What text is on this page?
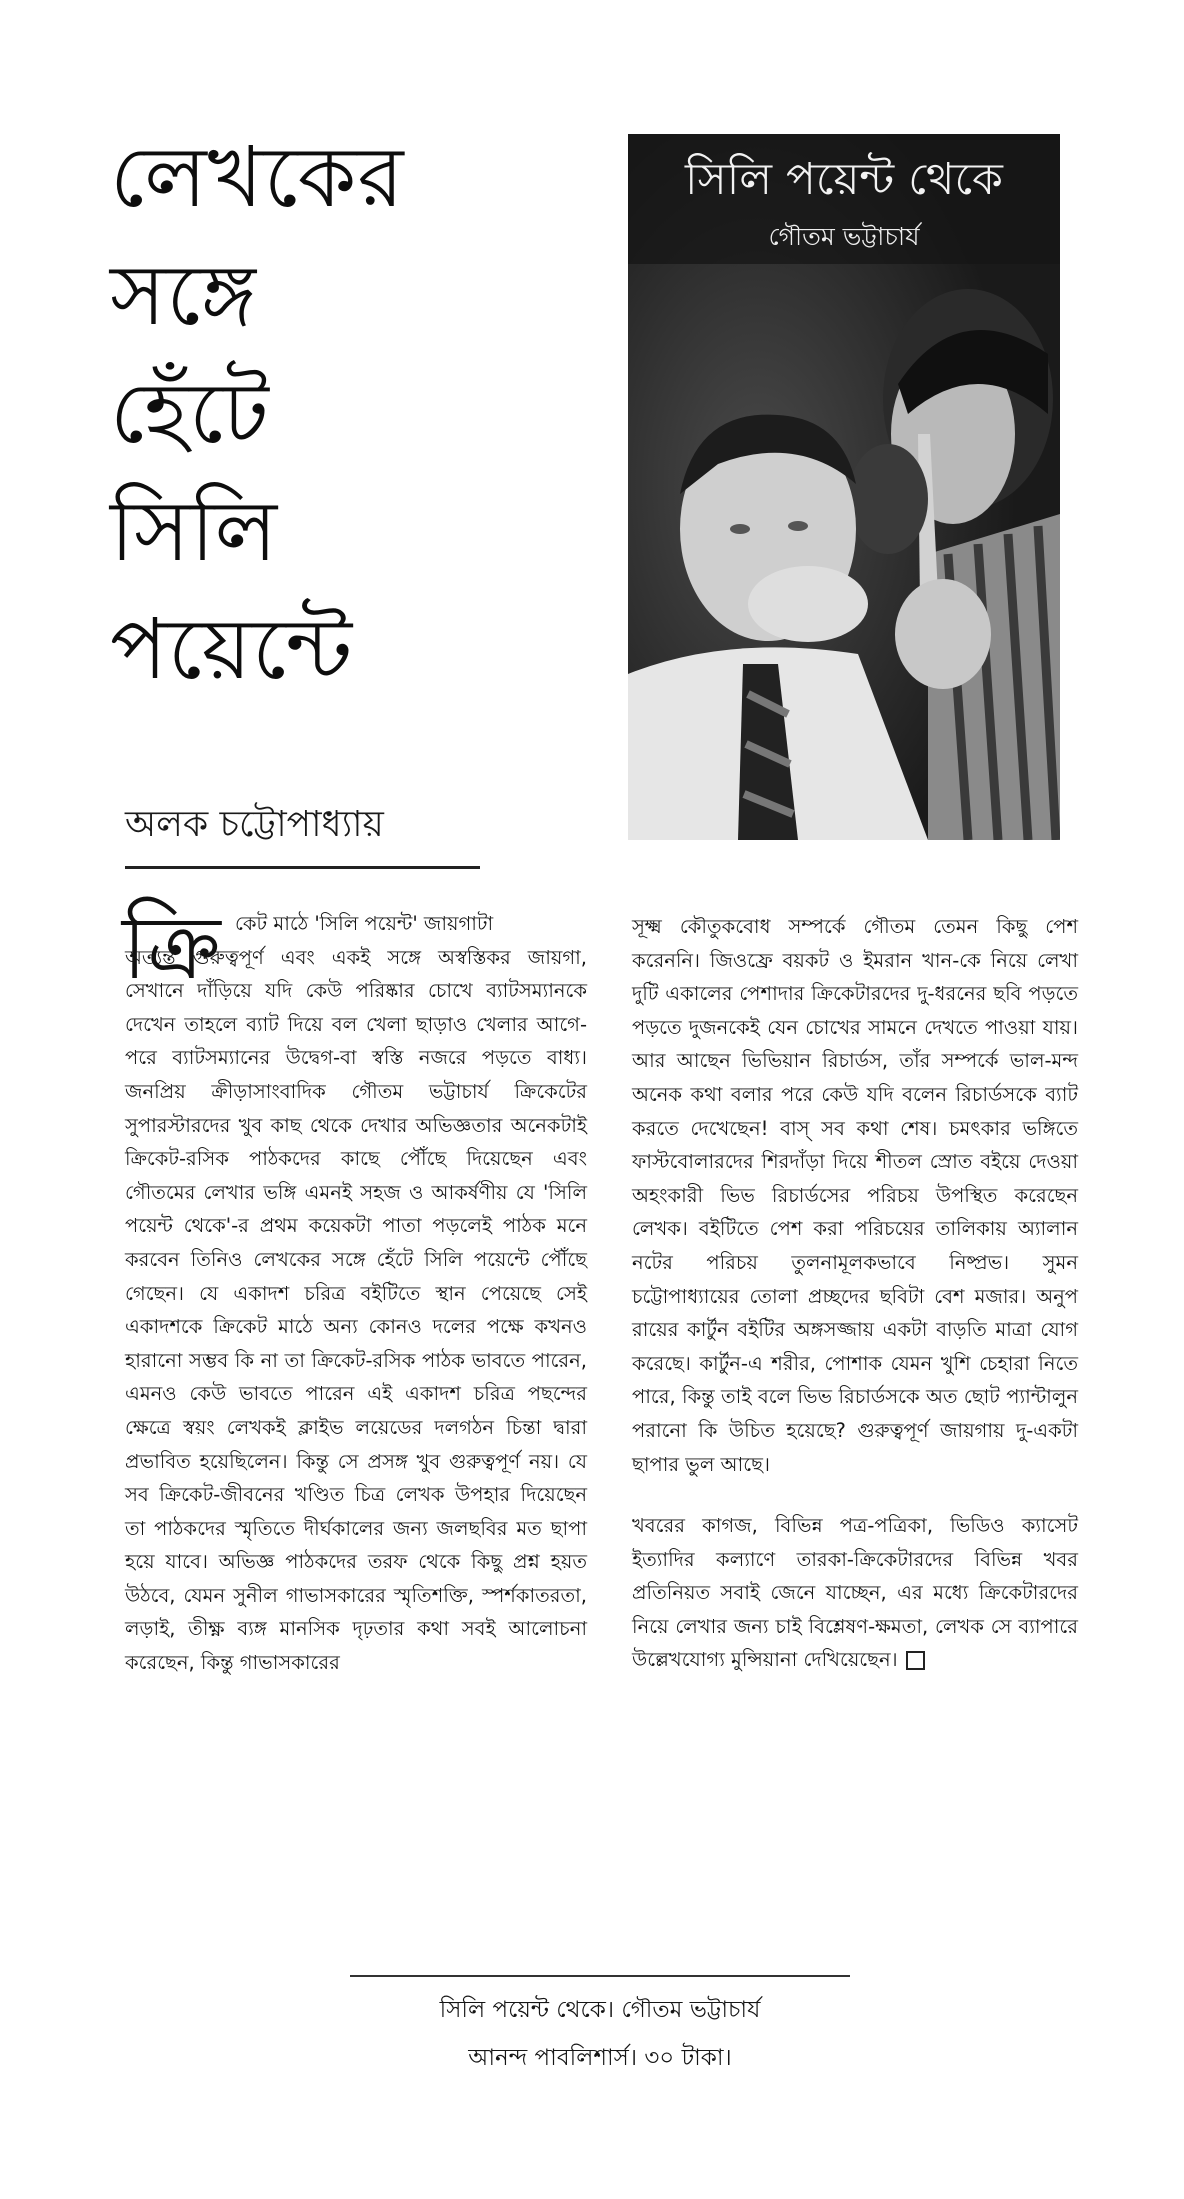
লেখকের
সঙ্গে
হেঁটে
সিলি
পয়েন্টে
অলক চট্টোপাধ্যায়
সিলি পয়েন্ট থেকে
গৌতম ভট্টাচার্য
ক্রি কেট মাঠে 'সিলি পয়েন্ট' জায়গাটা
অত্যন্ত গুরুত্বপূর্ণ এবং একই সঙ্গে অস্বস্তিকর জায়গা, সেখানে দাঁড়িয়ে যদি কেউ পরিষ্কার চোখে ব্যাটসম্যানকে দেখেন তাহলে ব্যাট দিয়ে বল খেলা ছাড়াও খেলার আগে-পরে ব্যাটসম্যানের উদ্বেগ-বা স্বস্তি নজরে পড়তে বাধ্য। জনপ্রিয় ক্রীড়াসাংবাদিক গৌতম ভট্টাচার্য ক্রিকেটের সুপারস্টারদের খুব কাছ থেকে দেখার অভিজ্ঞতার অনেকটাই ক্রিকেট-রসিক পাঠকদের কাছে পৌঁছে দিয়েছেন এবং গৌতমের লেখার ভঙ্গি এমনই সহজ ও আকর্ষণীয় যে 'সিলি পয়েন্ট থেকে'-র প্রথম কয়েকটা পাতা পড়লেই পাঠক মনে করবেন তিনিও লেখকের সঙ্গে হেঁটে সিলি পয়েন্টে পৌঁছে গেছেন। যে একাদশ চরিত্র বইটিতে স্থান পেয়েছে সেই একাদশকে ক্রিকেট মাঠে অন্য কোনও দলের পক্ষে কখনও হারানো সম্ভব কি না তা ক্রিকেট-রসিক পাঠক ভাবতে পারেন, এমনও কেউ ভাবতে পারেন এই একাদশ চরিত্র পছন্দের ক্ষেত্রে স্বয়ং লেখকই ক্লাইভ লয়েডের দলগঠন চিন্তা দ্বারা প্রভাবিত হয়েছিলেন। কিন্তু সে প্রসঙ্গ খুব গুরুত্বপূর্ণ নয়। যে সব ক্রিকেট-জীবনের খণ্ডিত চিত্র লেখক উপহার দিয়েছেন তা পাঠকদের স্মৃতিতে দীর্ঘকালের জন্য জলছবির মত ছাপা হয়ে যাবে। অভিজ্ঞ পাঠকদের তরফ থেকে কিছু প্রশ্ন হয়ত উঠবে, যেমন সুনীল গাভাসকারের স্মৃতিশক্তি, স্পর্শকাতরতা, লড়াই, তীক্ষ্ণ ব্যঙ্গ মানসিক দৃঢ়তার কথা সবই আলোচনা করেছেন, কিন্তু গাভাসকারের

সূক্ষ্ম কৌতুকবোধ সম্পর্কে গৌতম তেমন কিছু পেশ করেননি। জিওফ্রে বয়কট ও ইমরান খান-কে নিয়ে লেখা দুটি একালের পেশাদার ক্রিকেটারদের দু-ধরনের ছবি পড়তে পড়তে দুজনকেই যেন চোখের সামনে দেখতে পাওয়া যায়। আর আছেন ভিভিয়ান রিচার্ডস, তাঁর সম্পর্কে ভাল-মন্দ অনেক কথা বলার পরে কেউ যদি বলেন রিচার্ডসকে ব্যাট করতে দেখেছেন! বাস্ সব কথা শেষ। চমৎকার ভঙ্গিতে ফাস্টবোলারদের শিরদাঁড়া দিয়ে শীতল স্রোত বইয়ে দেওয়া অহংকারী ভিভ রিচার্ডসের পরিচয় উপস্থিত করেছেন লেখক। বইটিতে পেশ করা পরিচয়ের তালিকায় অ্যালান নটের পরিচয় তুলনামূলকভাবে নিষ্প্রভ। সুমন চট্টোপাধ্যায়ের তোলা প্রচ্ছদের ছবিটা বেশ মজার। অনুপ রায়ের কার্টুন বইটির অঙ্গসজ্জায় একটা বাড়তি মাত্রা যোগ করেছে। কার্টুন-এ শরীর, পোশাক যেমন খুশি চেহারা নিতে পারে, কিন্তু তাই বলে ভিভ রিচার্ডসকে অত ছোট প্যান্টালুন পরানো কি উচিত হয়েছে? গুরুত্বপূর্ণ জায়গায় দু-একটা ছাপার ভুল আছে।

খবরের কাগজ, বিভিন্ন পত্র-পত্রিকা, ভিডিও ক্যাসেট ইত্যাদির কল্যাণে তারকা-ক্রিকেটারদের বিভিন্ন খবর প্রতিনিয়ত সবাই জেনে যাচ্ছেন, এর মধ্যে ক্রিকেটারদের নিয়ে লেখার জন্য চাই বিশ্লেষণ-ক্ষমতা, লেখক সে ব্যাপারে উল্লেখযোগ্য মুন্সিয়ানা দেখিয়েছেন।

সিলি পয়েন্ট থেকে। গৌতম ভট্টাচার্য
আনন্দ পাবলিশার্স। ৩০ টাকা।
